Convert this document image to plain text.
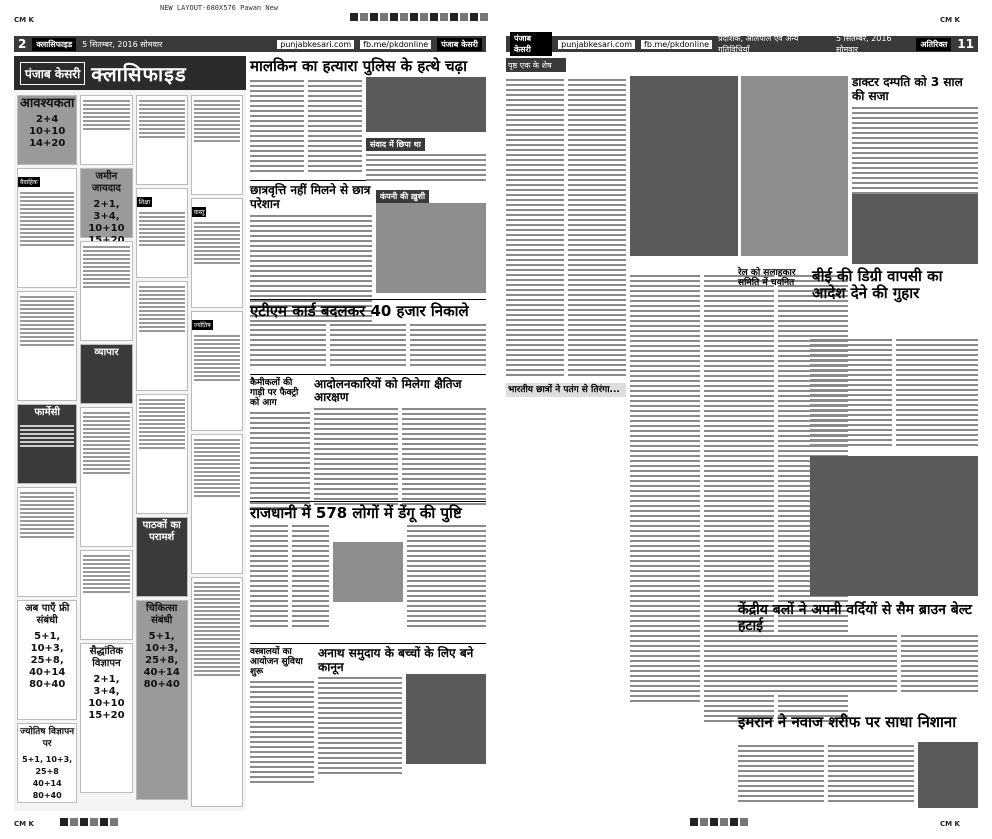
NEW LAYOUT-680X576 Pawan New
CM K	CM K
CM K	CM K
2	क्लासिफाइड	5 सितम्बर, 2016 सोमवार	punjabkesari.com	fb.me/pkdonline	पंजाब केसरी
पंजाब केसरी क्लासिफाइड
आवश्यकता
2+4 10+10 14+20
वैवाहिक
फार्मेसी
अब पाएँ फ्री संबंधी
5+1, 10+3, 25+8, 40+14 80+40
ज्योतिष विज्ञापन पर
5+1, 10+3, 25+8 40+14 80+40
जमीन जायदाद
2+1, 3+4, 10+10
व्यापार
सैद्धांतिक विज्ञापन
2+1, 3+4, 10+10 15+20
शिक्षा
पाठकों का परामर्श
चिकित्सा संबंधी
5+1, 10+3, 25+8, 40+14 80+40
वास्तु
ज्योतिष
मालकिन का हत्यारा पुलिस के हत्थे चढ़ा
संवाद में छिपा था
छात्रवृत्ति नहीं मिलने से छात्र परेशान
कंपनी की ख़ुशी
एटीएम कार्ड बदलकर 40 हजार निकाले
कैमीकलों की गाड़ी पर फैक्ट्री को आग
आदोलनकारियों को मिलेगा क्षैतिज आरक्षण
राजधानी में 578 लोगों में डेंगू की पुष्टि
वस्त्रालयों का आयोजन सुविधा शुरू
अनाथ समुदाय के बच्चों के लिए बने कानून
पंजाब केसरी
punjabkesari.com	fb.me/pkdonline
प्रदेशिक, आलपाल एवं अन्य गतिविधियाँ
5 सितम्बर, 2016 सोमवार
अतिरिक्त 11
पृष्ठ एक के शेष
भारतीय छात्रों ने पतंग से तिरंगा...
डाक्टर दम्पति को 3 साल की सजा
रेल को सलाहकार समिति में चयनित	बीई की डिग्री वापसी का आदेश देने की गुहार
केंद्रीय बलों ने अपनी वर्दियों से सैम ब्राउन बेल्ट हटाई
इमरान ने नवाज शरीफ पर साधा निशाना
